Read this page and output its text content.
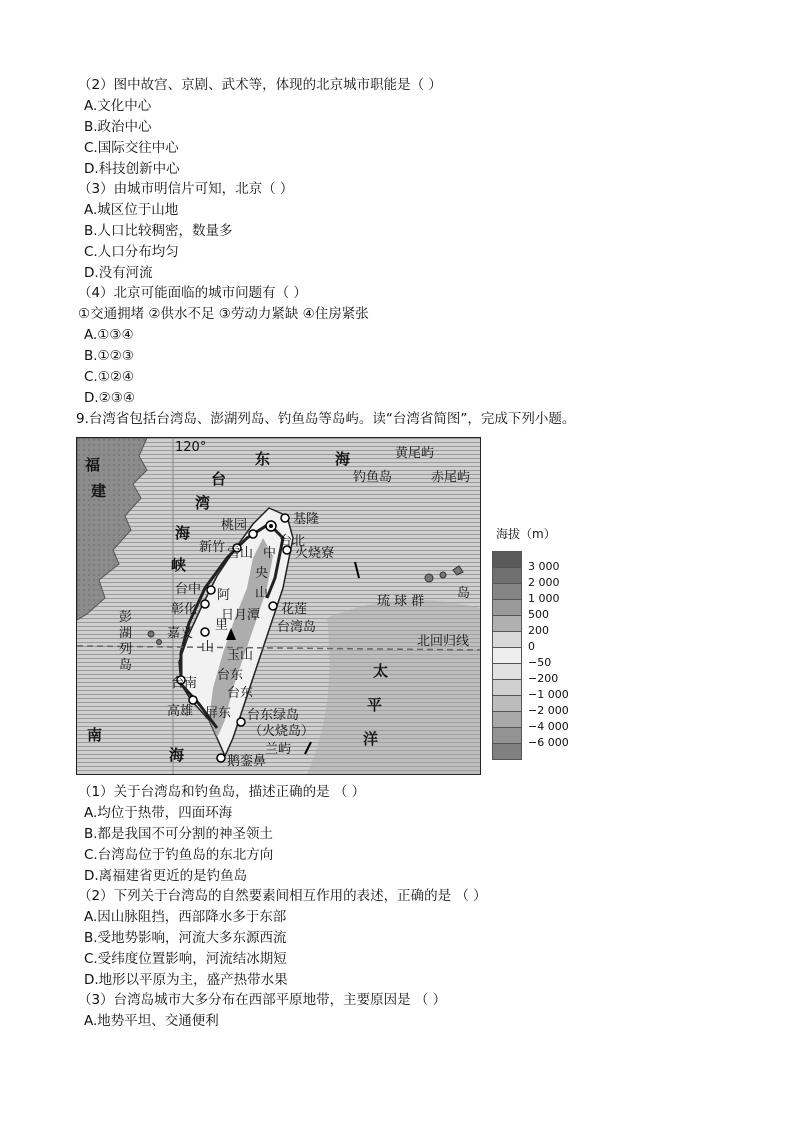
（2）图中故宫、京剧、武术等，体现的北京城市职能是（ ）
A.文化中心
B.政治中心
C.国际交往中心
D.科技创新中心
（3）由城市明信片可知，北京（ ）
A.城区位于山地
B.人口比较稠密，数量多
C.人口分布均匀
D.没有河流
（4）北京可能面临的城市问题有（ ）
①交通拥堵 ②供水不足 ③劳动力紧缺 ④住房紧张
A.①③④
B.①②③
C.①②④
D.②③④
9.台湾省包括台湾岛、澎湖列岛、钓鱼岛等岛屿。读“台湾省简图”，完成下列小题。
120°
东	海
南
海
太
平
洋
台
湾
海
峡
福
建
黄尾屿
钓鱼岛	赤尾屿
彭
湖
列
岛
台湾岛
琉 球 群
岛
台东绿岛
（火烧岛）
兰屿
基隆
台北
桃园
新竹	火烧寮
台中
彰化
嘉义
花莲
台南
高雄 屏东
台东
鹅銮鼻
雪山 中
央
山
阿
里
山
玉山
台东
日月潭
北回归线
海拔（m）
3 000
2 000
1 000
500
200
0
−50
−200
−1 000
−2 000
−4 000
−6 000
（1）关于台湾岛和钓鱼岛，描述正确的是 （ ）
A.均位于热带，四面环海
B.都是我国不可分割的神圣领土
C.台湾岛位于钓鱼岛的东北方向
D.离福建省更近的是钓鱼岛
（2）下列关于台湾岛的自然要素间相互作用的表述，正确的是 （ ）
A.因山脉阻挡，西部降水多于东部
B.受地势影响，河流大多东源西流
C.受纬度位置影响，河流结冰期短
D.地形以平原为主，盛产热带水果
（3）台湾岛城市大多分布在西部平原地带，主要原因是 （ ）
A.地势平坦、交通便利
